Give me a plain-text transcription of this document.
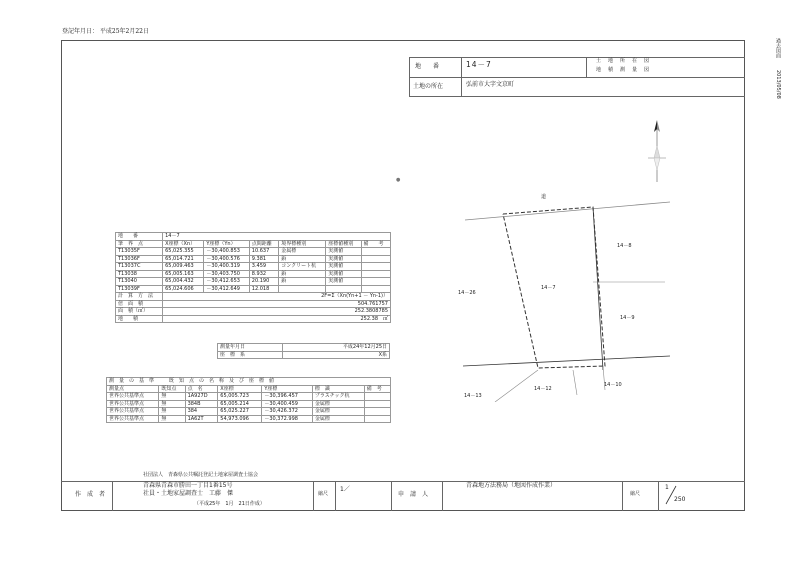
登記年月日： 平成25年2月22日
過去図面
2013/05/08
地　　番	14－7	土　地　所　在　図
地　積　測　量　図
土地の所在	弘前市大字文京町
●
14－7
14－8
14－9
14－26
14－13
14－12
14－10
道
地　　番	14－7					
筆　界　点	X座標（Xn）	Y座標（Yn）	点間距離	境界標種別	座標値種別	備　　考
T13035F	65,025.355	－30,400.853	10.637	金属標	実測値	
T13036F	65,014.721	－30,400.576	9.381	鋲	実測値	
T13037C	65,009.463	－30,400.319	3.459	コンクリート杭	実測値	
T13038	65,005.163	－30,403.750	8.932	鋲	実測値	
T13040	65,004.432	－30,412.653	20.190	鋲	実測値	
T13039F	65,024.606	－30,412.649	12.018			
計　算　方　法	2F=Σ（Xn(Yn+1 － Yn-1)）					
倍　面　積	504.761757					
面　積（㎡）	252.3808785					
地　　積	252.38　㎡					
測量年月日	平成24年12月25日
座　標　系	X系
測　量　の　基　準　　　既　知　点　の　名　称　及　び　座　標　値						
測量点	既知点	点　名	X座標	Y座標	標　識	備　考
世界公共基準点	無	1A927D	65,005.723	－30,396.457	プラスチック杭	
世界公共基準点	無	384B	65,005.214	－30,400.459	金属標	
世界公共基準点	無	384	65,025.227	－30,426.372	金属標	
世界公共基準点	無	1A62T	54,973.096	－30,372.998	金属標	
社団法人　青森県公共嘱託登記土地家屋調査士協会
作　成　者
青森県青森市勝田一丁目1番15号
社員・土地家屋調査士　工藤　傑
（平成25年　1月　21日作成）
縮尺
1／
申　請　人
青森地方法務局（地図作成作業）
縮尺
1
250
